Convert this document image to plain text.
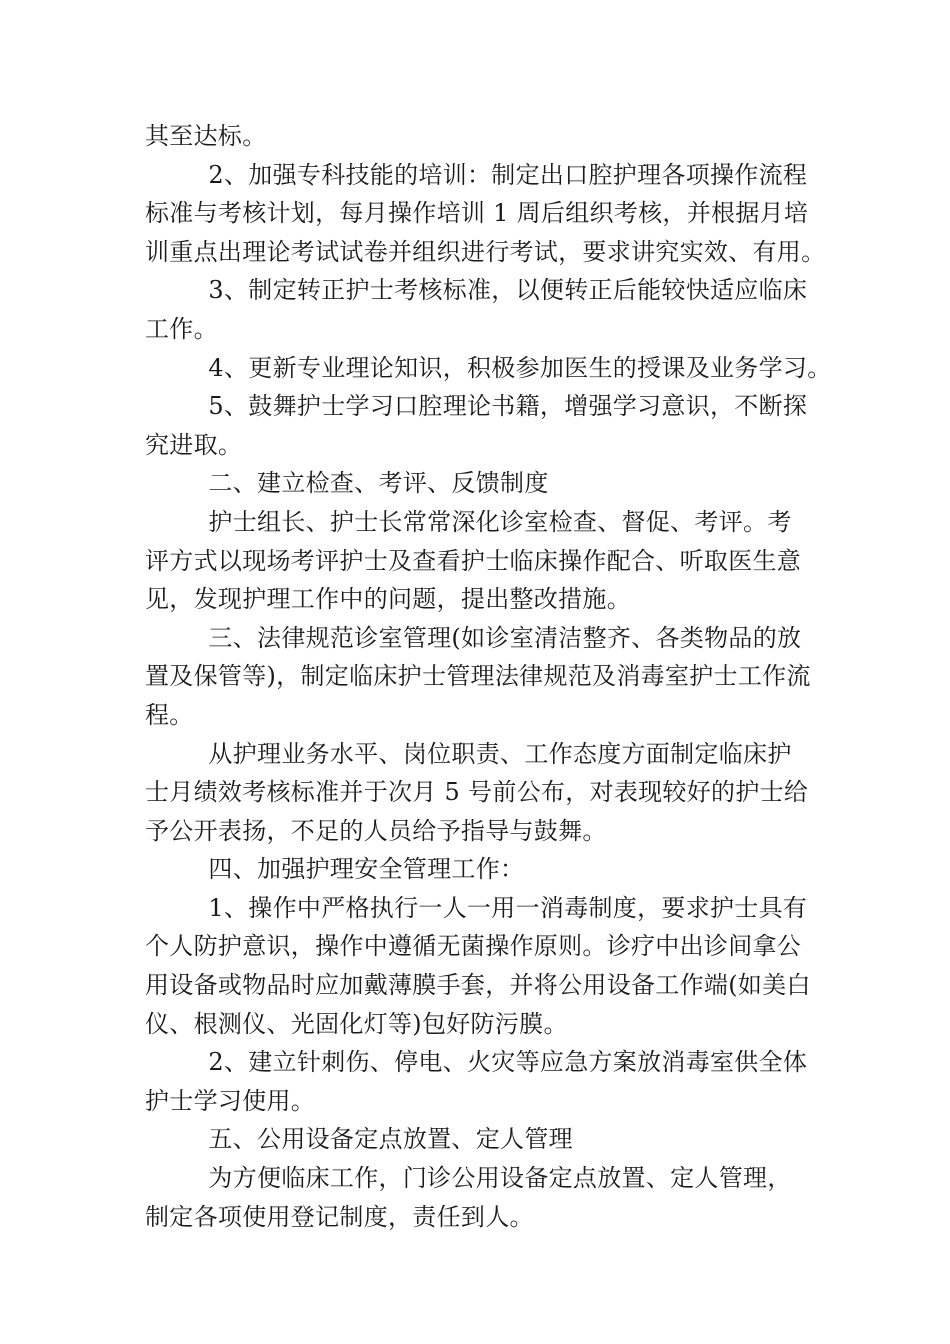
其至达标。
2、加强专科技能的培训：制定出口腔护理各项操作流程
标准与考核计划，每月操作培训 1 周后组织考核，并根据月培
训重点出理论考试试卷并组织进行考试，要求讲究实效、有用。
3、制定转正护士考核标准，以便转正后能较快适应临床
工作。
4、更新专业理论知识，积极参加医生的授课及业务学习。
5、鼓舞护士学习口腔理论书籍，增强学习意识，不断探
究进取。
二、建立检查、考评、反馈制度
护士组长、护士长常常深化诊室检查、督促、考评。考
评方式以现场考评护士及查看护士临床操作配合、听取医生意
见，发现护理工作中的问题，提出整改措施。
三、法律规范诊室管理(如诊室清洁整齐、各类物品的放
置及保管等)，制定临床护士管理法律规范及消毒室护士工作流
程。
从护理业务水平、岗位职责、工作态度方面制定临床护
士月绩效考核标准并于次月 5 号前公布，对表现较好的护士给
予公开表扬，不足的人员给予指导与鼓舞。
四、加强护理安全管理工作：
1、操作中严格执行一人一用一消毒制度，要求护士具有
个人防护意识，操作中遵循无菌操作原则。诊疗中出诊间拿公
用设备或物品时应加戴薄膜手套，并将公用设备工作端(如美白
仪、根测仪、光固化灯等)包好防污膜。
2、建立针刺伤、停电、火灾等应急方案放消毒室供全体
护士学习使用。
五、公用设备定点放置、定人管理
为方便临床工作，门诊公用设备定点放置、定人管理，
制定各项使用登记制度，责任到人。
